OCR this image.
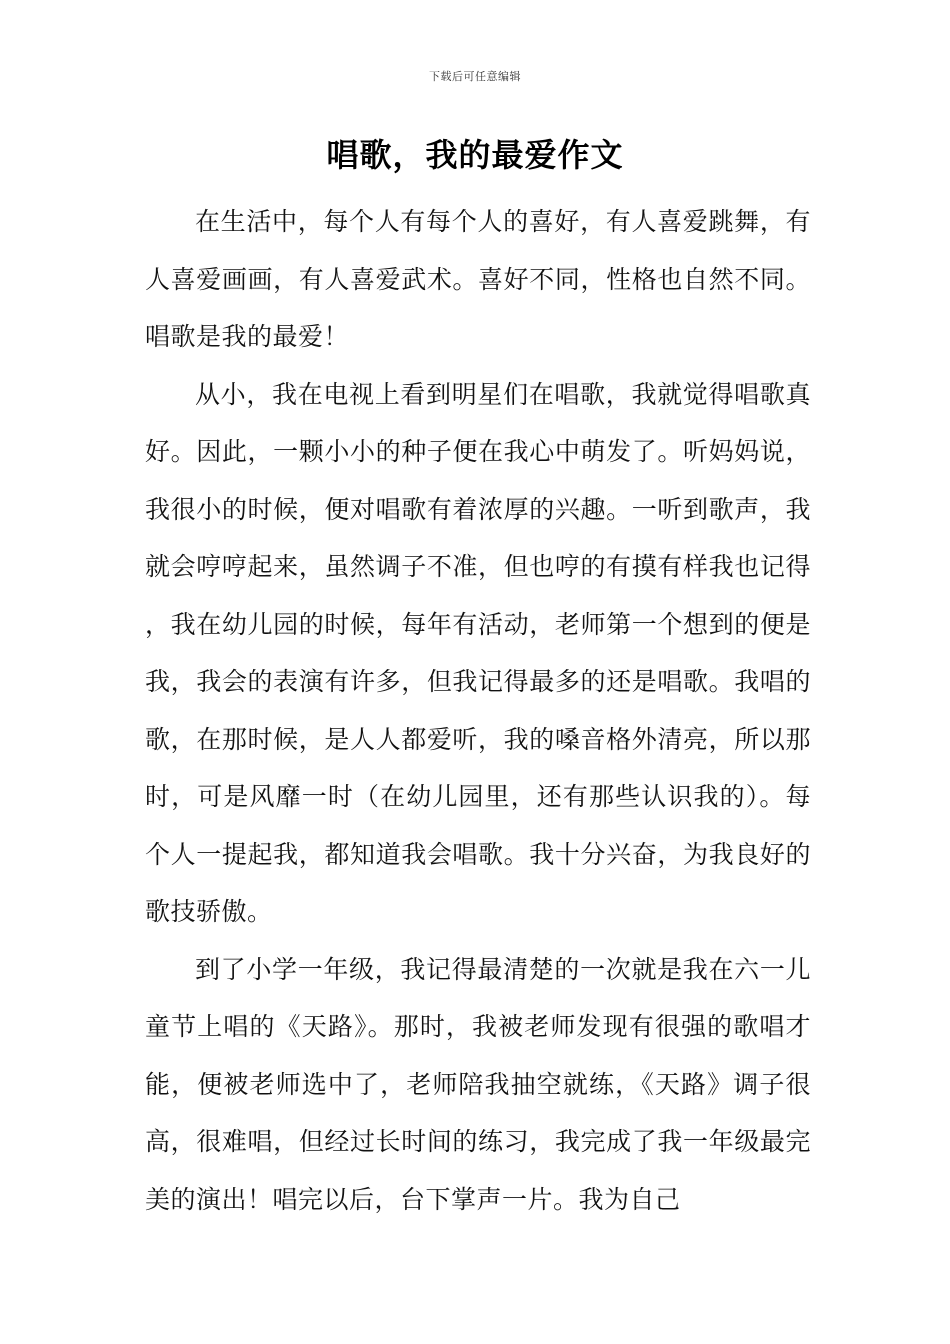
下载后可任意编辑
唱歌，我的最爱作文

在生活中，每个人有每个人的喜好，有人喜爱跳舞，有人喜爱画画，有人喜爱武术。喜好不同，性格也自然不同。唱歌是我的最爱！

从小，我在电视上看到明星们在唱歌，我就觉得唱歌真好。因此，一颗小小的种子便在我心中萌发了。听妈妈说，我很小的时候，便对唱歌有着浓厚的兴趣。一听到歌声，我就会哼哼起来，虽然调子不准，但也哼的有摸有样我也记得，我在幼儿园的时候，每年有活动，老师第一个想到的便是我，我会的表演有许多，但我记得最多的还是唱歌。我唱的歌，在那时候，是人人都爱听，我的嗓音格外清亮，所以那时，可是风靡一时（在幼儿园里，还有那些认识我的）。每个人一提起我，都知道我会唱歌。我十分兴奋，为我良好的歌技骄傲。

到了小学一年级，我记得最清楚的一次就是我在六一儿童节上唱的《天路》。那时，我被老师发现有很强的歌唱才能，便被老师选中了，老师陪我抽空就练，《天路》调子很高，很难唱，但经过长时间的练习，我完成了我一年级最完美的演出！唱完以后，台下掌声一片。我为自己
